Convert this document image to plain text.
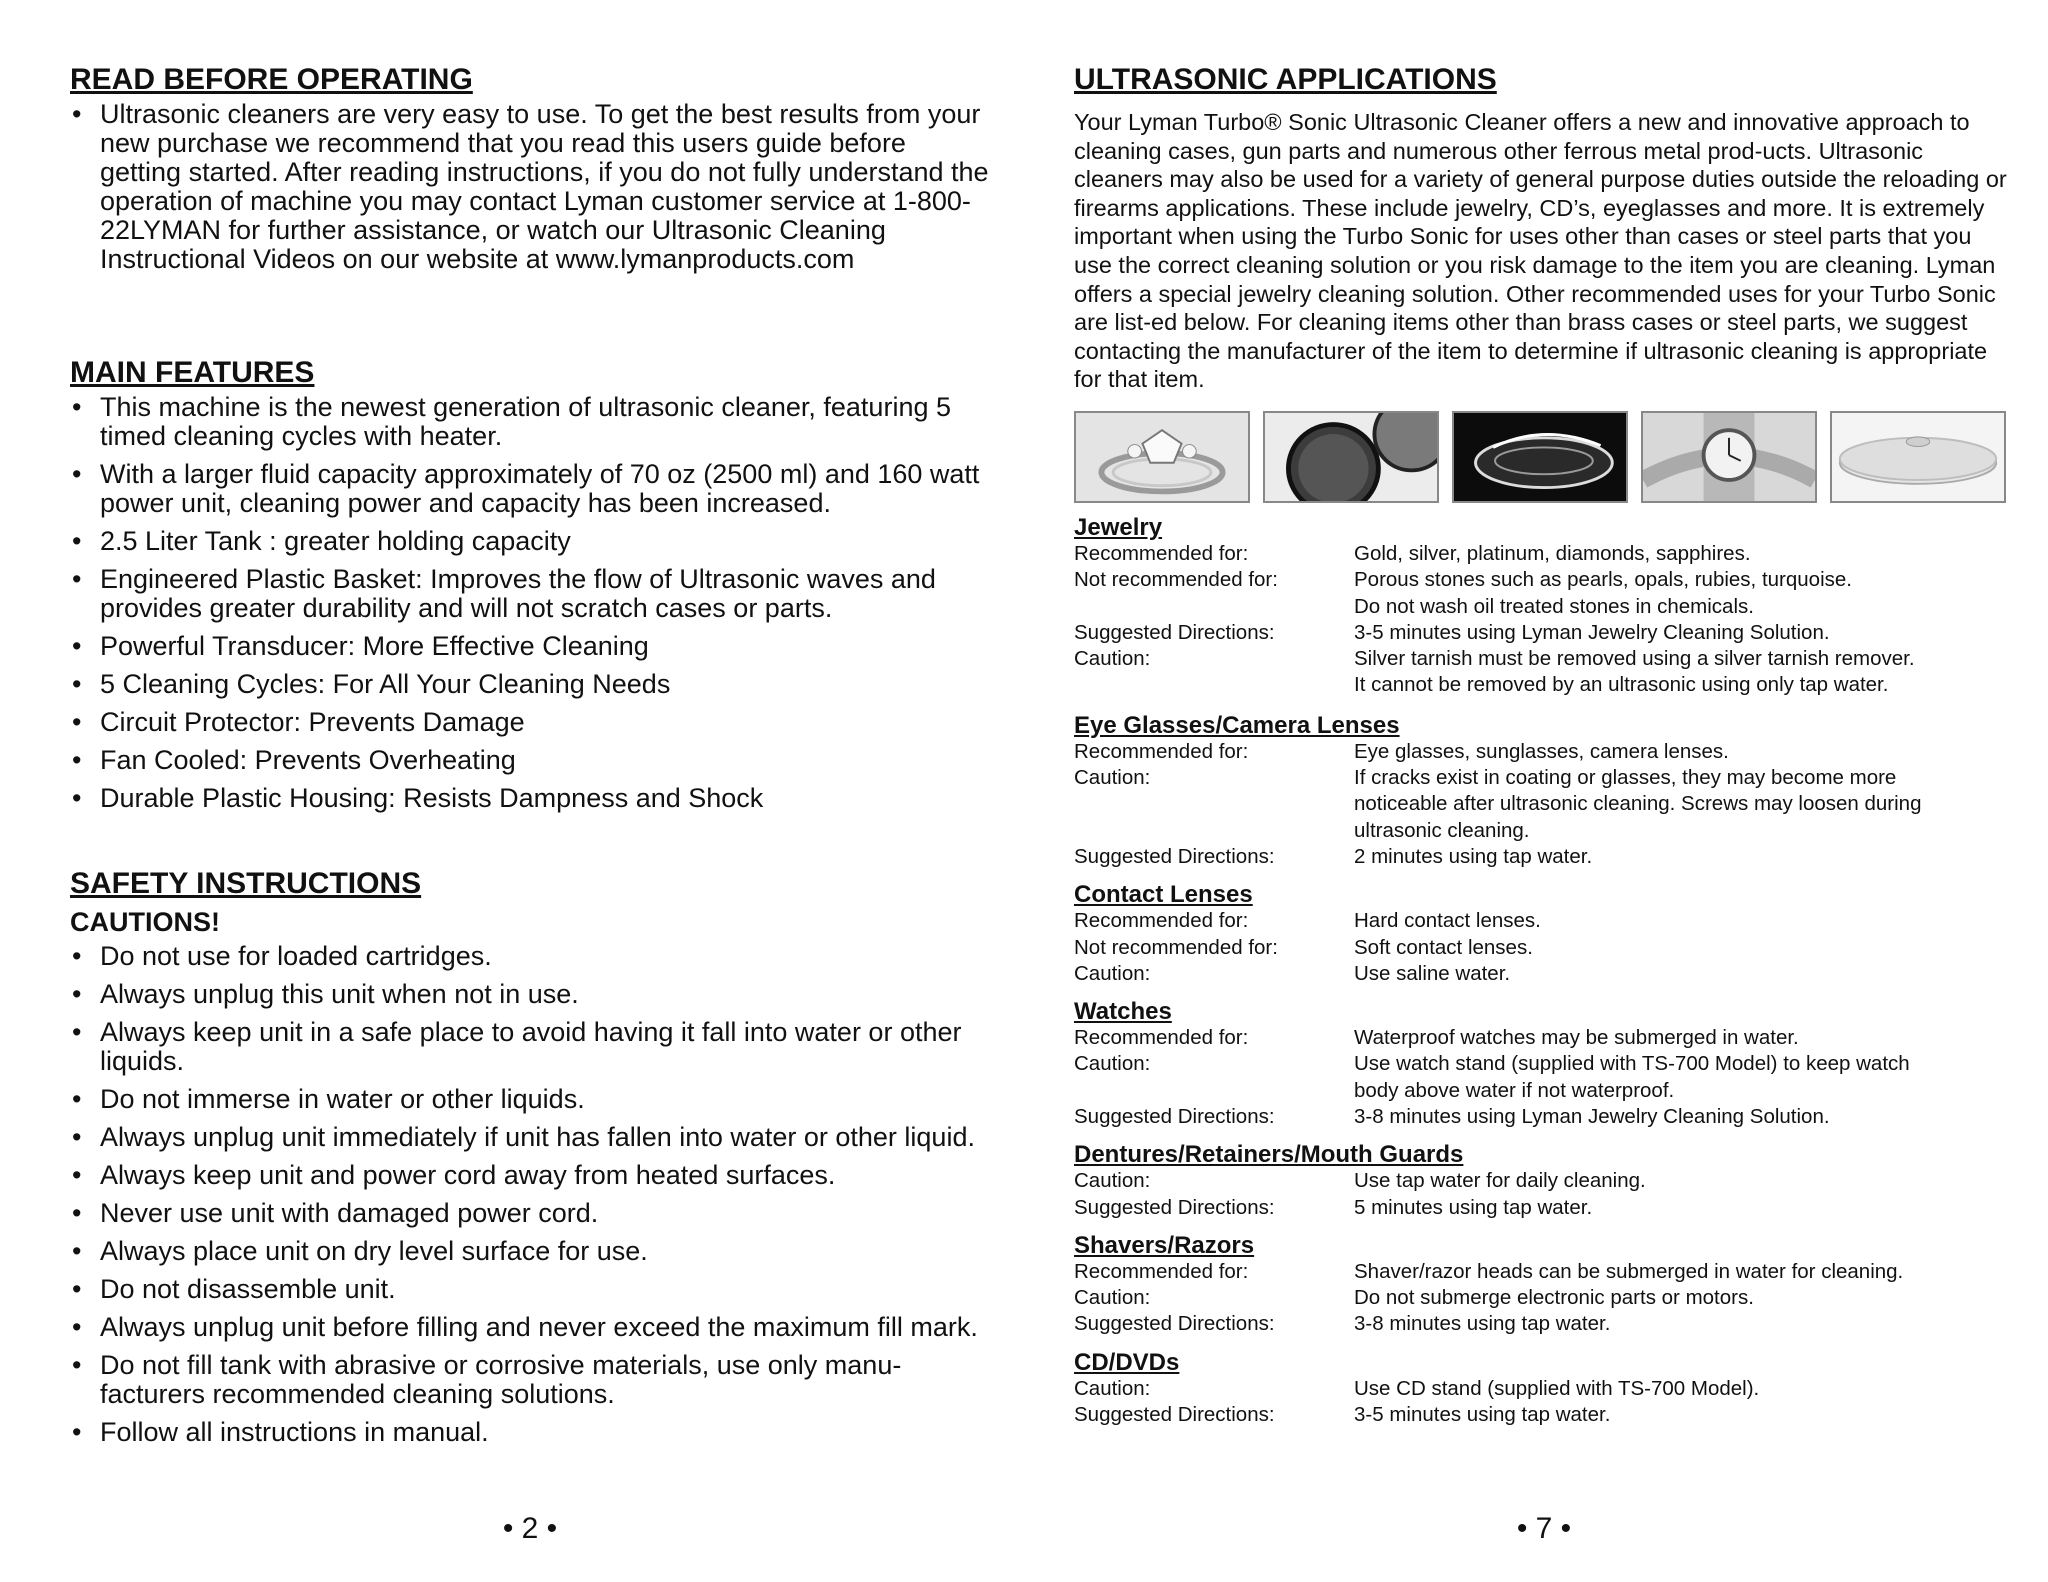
READ BEFORE OPERATING
• Ultrasonic cleaners are very easy to use. To get the best results from your new purchase we recommend that you read this users guide before getting started. After reading instructions, if you do not fully understand the operation of machine you may contact Lyman customer service at 1-800-22LYMAN for further assistance, or watch our Ultrasonic Cleaning Instructional Videos on our website at www.lymanproducts.com
MAIN FEATURES
• This machine is the newest generation of ultrasonic cleaner, featuring 5 timed cleaning cycles with heater.
• With a larger fluid capacity approximately of 70 oz (2500 ml) and 160 watt power unit, cleaning power and capacity has been increased.
• 2.5 Liter Tank : greater holding capacity
• Engineered Plastic Basket: Improves the flow of Ultrasonic waves and provides greater durability and will not scratch cases or parts.
• Powerful Transducer: More Effective Cleaning
• 5 Cleaning Cycles: For All Your Cleaning Needs
• Circuit Protector: Prevents Damage
• Fan Cooled: Prevents Overheating
• Durable Plastic Housing: Resists Dampness and Shock
SAFETY INSTRUCTIONS
CAUTIONS!
• Do not use for loaded cartridges.
• Always unplug this unit when not in use.
• Always keep unit in a safe place to avoid having it fall into water or other liquids.
• Do not immerse in water or other liquids.
• Always unplug unit immediately if unit has fallen into water or other liquid.
• Always keep unit and power cord away from heated surfaces.
• Never use unit with damaged power cord.
• Always place unit on dry level surface for use.
• Do not disassemble unit.
• Always unplug unit before filling and never exceed the maximum fill mark.
• Do not fill tank with abrasive or corrosive materials, use only manu-facturers recommended cleaning solutions.
• Follow all instructions in manual.
• 2 •
ULTRASONIC APPLICATIONS

Your Lyman Turbo® Sonic Ultrasonic Cleaner offers a new and innovative approach to cleaning cases, gun parts and numerous other ferrous metal prod-ucts. Ultrasonic cleaners may also be used for a variety of general purpose duties outside the reloading or firearms applications. These include jewelry, CD’s, eyeglasses and more. It is extremely important when using the Turbo Sonic for uses other than cases or steel parts that you use the correct cleaning solution or you risk damage to the item you are cleaning. Lyman offers a special jewelry cleaning solution. Other recommended uses for your Turbo Sonic are list-ed below. For cleaning items other than brass cases or steel parts, we suggest contacting the manufacturer of the item to determine if ultrasonic cleaning is appropriate for that item.

Jewelry
Recommended for:	Gold, silver, platinum, diamonds, sapphires.
Not recommended for:	Porous stones such as pearls, opals, rubies, turquoise.
Do not wash oil treated stones in chemicals.
Suggested Directions:	3-5 minutes using Lyman Jewelry Cleaning Solution.
Caution:	Silver tarnish must be removed using a silver tarnish remover.
It cannot be removed by an ultrasonic using only tap water.
Eye Glasses/Camera Lenses
Recommended for:	Eye glasses, sunglasses, camera lenses.
Caution:	If cracks exist in coating or glasses, they may become more
noticeable after ultrasonic cleaning. Screws may loosen during
ultrasonic cleaning.
Suggested Directions:	2 minutes using tap water.
Contact Lenses
Recommended for:	Hard contact lenses.
Not recommended for:	Soft contact lenses.
Caution:	Use saline water.
Watches
Recommended for:	Waterproof watches may be submerged in water.
Caution:	Use watch stand (supplied with TS-700 Model) to keep watch
body above water if not waterproof.
Suggested Directions:	3-8 minutes using Lyman Jewelry Cleaning Solution.
Dentures/Retainers/Mouth Guards
Caution:	Use tap water for daily cleaning.
Suggested Directions:	5 minutes using tap water.
Shavers/Razors
Recommended for:	Shaver/razor heads can be submerged in water for cleaning.
Caution:	Do not submerge electronic parts or motors.
Suggested Directions:	3-8 minutes using tap water.
CD/DVDs
Caution:	Use CD stand (supplied with TS-700 Model).
Suggested Directions:	3-5 minutes using tap water.
• 7 •
